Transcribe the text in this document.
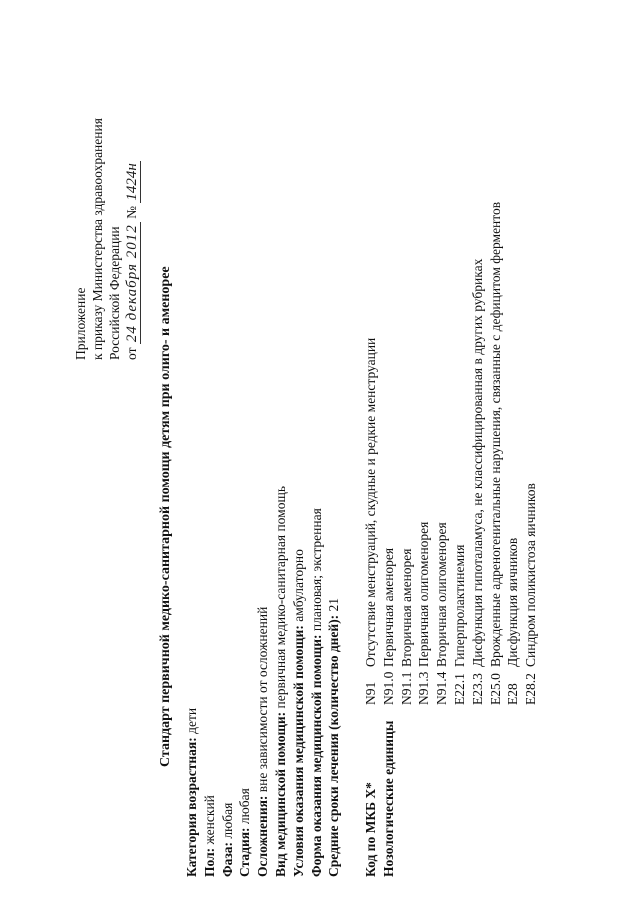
Приложение к приказу Министерства здравоохранения Российской Федерации от 24 декабря 2012 № 1424н
Стандарт первичной медико-санитарной помощи детям при олиго- и аменорее
Категория возрастная: дети
Пол: женский
Фаза: любая
Стадия: любая Осложнения: вне зависимости от осложнений Вид медицинской помощи: первичная медико-санитарная помощь
Условия оказания медицинской помощи: амбулаторно
Форма оказания медицинской помощи: плановая; экстренная
Средние сроки лечения (количество дней): 21
Код по МКБ X*
N91
Отсутствие менструаций, скудные и редкие менструации
Нозологические единицы
N91.0
Первичная аменорея
N91.1
Вторичная аменорея
N91.3
Первичная олигоменорея
N91.4
Вторичная олигоменорея
E22.1
Гиперпролактинемия
E23.3
Дисфункция гипоталамуса, не классифицированная в других рубриках
E25.0
Врожденные адреногенитальные нарушения, связанные с дефицитом ферментов
E28
Дисфункция яичников
E28.2
Синдром поликистоза яичников
